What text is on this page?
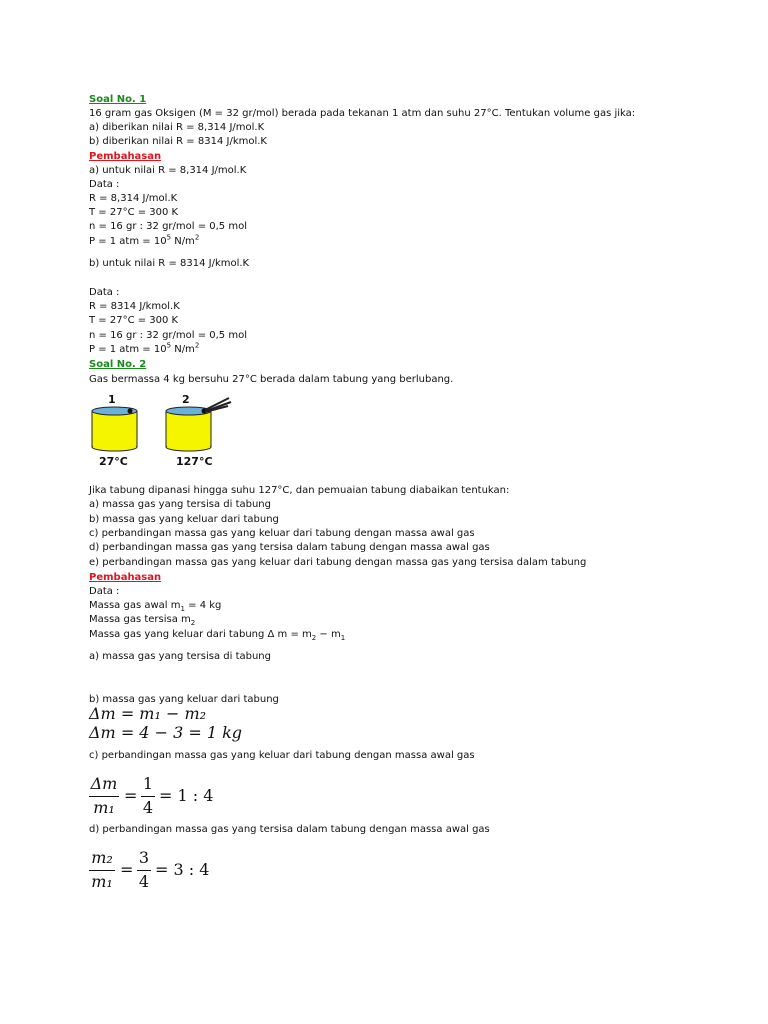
Soal No. 1
16 gram gas Oksigen (M = 32 gr/mol) berada pada tekanan 1 atm dan suhu 27°C. Tentukan volume gas jika:
a) diberikan nilai R = 8,314 J/mol.K
b) diberikan nilai R = 8314 J/kmol.K
Pembahasan
a) untuk nilai R = 8,314 J/mol.K
Data :
R = 8,314 J/mol.K
T = 27°C = 300 K
n = 16 gr : 32 gr/mol = 0,5 mol
P = 1 atm = $10^5$ $N/m^2$
b) untuk nilai R = 8314 J/kmol.K
Data :
R = 8314 J/kmol.K
T = 27°C = 300 K
n = 16 gr : 32 gr/mol = 0,5 mol
P = 1 atm = $10^5$ $N/m^2$
Soal No. 2
Gas bermassa 4 kg bersuhu 27°C berada dalam tabung yang berlubang.
1	2
27°C	127°C
Jika tabung dipanasi hingga suhu 127°C, dan pemuaian tabung diabaikan tentukan:
a) massa gas yang tersisa di tabung
b) massa gas yang keluar dari tabung
c) perbandingan massa gas yang keluar dari tabung dengan massa awal gas
d) perbandingan massa gas yang tersisa dalam tabung dengan massa awal gas
e) perbandingan massa gas yang keluar dari tabung dengan massa gas yang tersisa dalam tabung
Pembahasan
Data :
Massa gas awal $m_1 = 4$ kg
Massa gas tersisa $m_2$
Massa gas yang keluar dari tabung Δ $m = m_2 - m_1$
a) massa gas yang tersisa di tabung
b) massa gas yang keluar dari tabung
Δm = m₁ − m₂
Δm = 4 − 3 = 1 kg
c) perbandingan massa gas yang keluar dari tabung dengan massa awal gas
Δm
m₁
=
1
4
= 1 : 4
d) perbandingan massa gas yang tersisa dalam tabung dengan massa awal gas
m₂
m₁
=
3
4
= 3 : 4
